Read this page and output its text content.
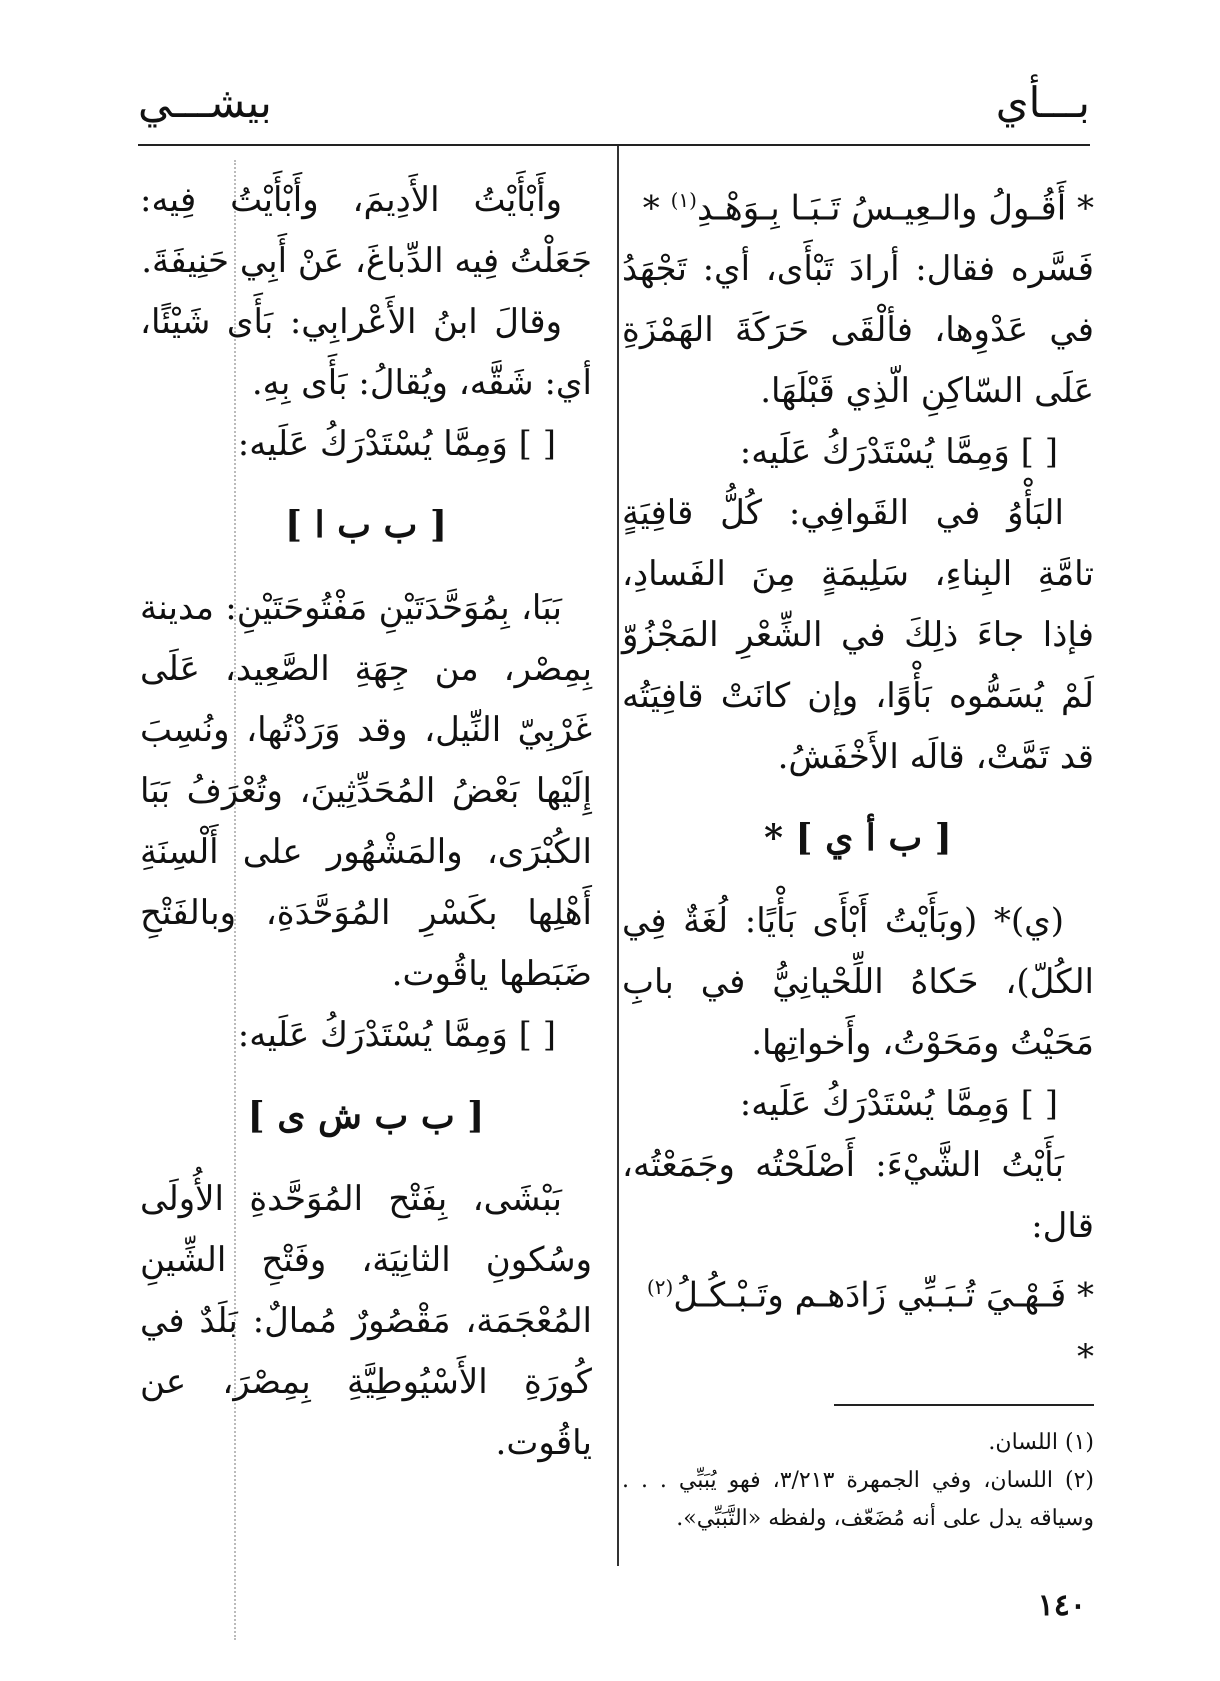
بـــأي
بيشـــي

* أَقُـولُ والـعِيـسُ تَـبَـا بِـوَهْـدِ$^{(١)}$ *

فَسَّره فقال: أرادَ تَبْأَى، أي: تَجْهَدُ في عَدْوِها، فألْقَى حَرَكَةَ الهَمْزَةِ عَلَى السّاكِنِ الّذِي قَبْلَهَا.

[ ] وَمِمَّا يُسْتَدْرَكُ عَلَيه:

البَأْوُ في القَوافِي: كُلُّ قافِيَةٍ تامَّةِ البِناءِ، سَلِيمَةٍ مِنَ الفَسادِ، فإذا جاءَ ذلِكَ في الشِّعْرِ المَجْزُوّ لَمْ يُسَمُّوه بَأْوًا، وإن كانَتْ قافِيَتُه قد تَمَّتْ، قالَه الأَخْفَشُ.

[ ب أ ي ] *

(ي)* (وبَأَيْتُ أَبْأَى بَأْيًا: لُغَةٌ فِي الكُلّ)، حَكاهُ اللِّحْيانِيُّ في بابِ مَحَيْتُ ومَحَوْتُ، وأَخواتِها.

[ ] وَمِمَّا يُسْتَدْرَكُ عَلَيه:

بَأَيْتُ الشَّيْءَ: أَصْلَحْتُه وجَمَعْتُه، قال:

* فَـهْـيَ تُـبَـبِّي زَادَهـم وتَـبْـكُـلُ$^{(٢)}$ *

(١) اللسان.

(٢) اللسان، وفي الجمهرة ٣/٢١٣، فهو يُبَبِّي . . . وسياقه يدل على أنه مُضَعّف، ولفظه «التَّبَبِّي».

وأَبْأَيْتُ الأَدِيمَ، وأَبْأَيْتُ فِيه: جَعَلْتُ فِيه الدِّباغَ، عَنْ أَبِي حَنِيفَةَ.

وقالَ ابنُ الأَعْرابِي: بَأَى شَيْئًا، أي: شَقَّه، ويُقالُ: بَأَى بِهِ.

[ ] وَمِمَّا يُسْتَدْرَكُ عَلَيه:

[ ب ب ا ]

بَبَا، بِمُوَحَّدَتَيْنِ مَفْتُوحَتَيْنِ: مدينة بِمِصْر، من جِهَةِ الصَّعِيد، عَلَى غَرْبِيّ النِّيل، وقد وَرَدْتُها، ونُسِبَ إِلَيْها بَعْضُ المُحَدِّثِينَ، وتُعْرَفُ بَبَا الكُبْرَى، والمَشْهُور على أَلْسِنَةِ أَهْلِها بكَسْرِ المُوَحَّدَةِ، وبالفَتْحِ ضَبَطها ياقُوت.

[ ] وَمِمَّا يُسْتَدْرَكُ عَلَيه:

[ ب ب ش ى ]

بَبْشَى، بِفَتْح المُوَحَّدةِ الأُولَى وسُكونِ الثانِيَة، وفَتْحِ الشِّينِ المُعْجَمَة، مَقْصُورٌ مُمالٌ: بَلَدٌ في كُورَةِ الأَسْيُوطِيَّةِ بِمِصْرَ، عن ياقُوت.

١٤٠
